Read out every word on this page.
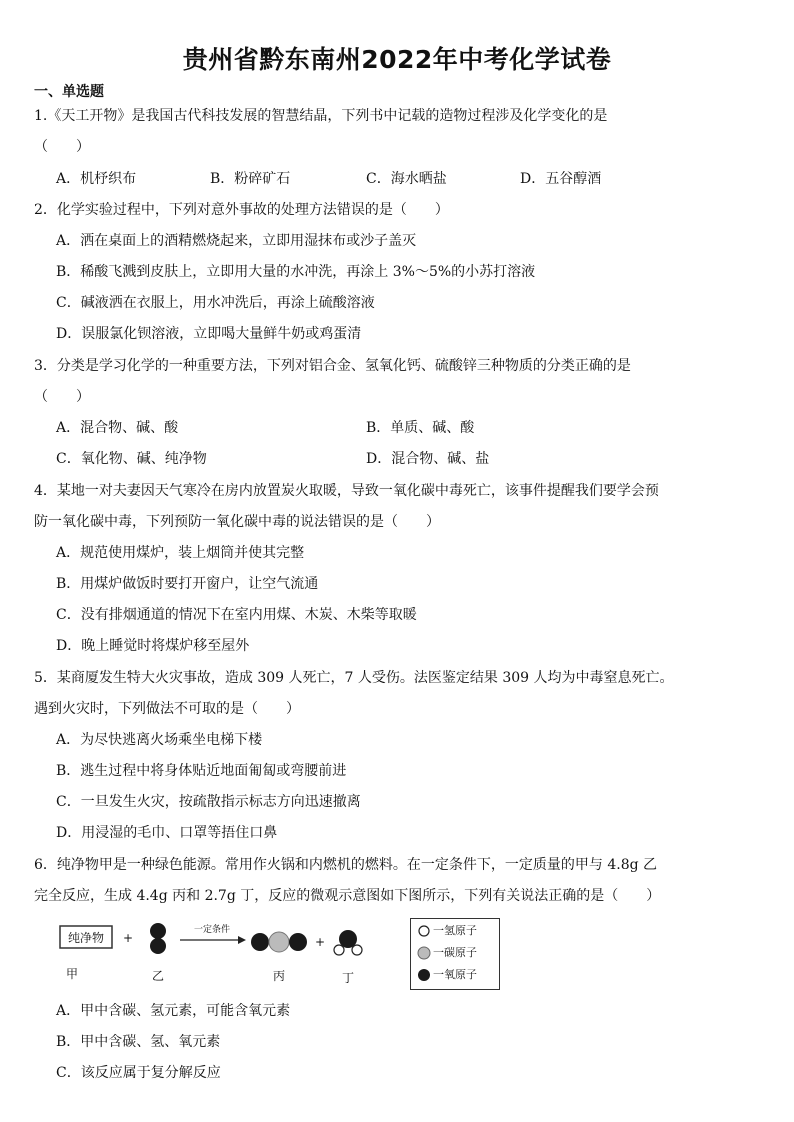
贵州省黔东南州2022年中考化学试卷
一、单选题
1.《天工开物》是我国古代科技发展的智慧结晶，下列书中记载的造物过程涉及化学变化的是
（　　）
A．机杼织布	B．粉碎矿石	C．海水晒盐	D．五谷醇酒
2．化学实验过程中，下列对意外事故的处理方法错误的是（　　）
A．洒在桌面上的酒精燃烧起来，立即用湿抹布或沙子盖灭
B．稀酸飞溅到皮肤上，立即用大量的水冲洗，再涂上 3%～5%的小苏打溶液
C．碱液洒在衣服上，用水冲洗后，再涂上硫酸溶液
D．误服氯化钡溶液，立即喝大量鲜牛奶或鸡蛋清
3．分类是学习化学的一种重要方法，下列对铝合金、氢氧化钙、硫酸锌三种物质的分类正确的是
（　　）
A．混合物、碱、酸	B．单质、碱、酸
C．氧化物、碱、纯净物	D．混合物、碱、盐
4．某地一对夫妻因天气寒冷在房内放置炭火取暖，导致一氧化碳中毒死亡，该事件提醒我们要学会预
防一氧化碳中毒，下列预防一氧化碳中毒的说法错误的是（　　）
A．规范使用煤炉，装上烟筒并使其完整
B．用煤炉做饭时要打开窗户，让空气流通
C．没有排烟通道的情况下在室内用煤、木炭、木柴等取暖
D．晚上睡觉时将煤炉移至屋外
5．某商厦发生特大火灾事故，造成 309 人死亡，7 人受伤。法医鉴定结果 309 人均为中毒窒息死亡。
遇到火灾时，下列做法不可取的是（　　）
A．为尽快逃离火场乘坐电梯下楼
B．逃生过程中将身体贴近地面匍匐或弯腰前进
C．一旦发生火灾，按疏散指示标志方向迅速撤离
D．用浸湿的毛巾、口罩等捂住口鼻
6．纯净物甲是一种绿色能源。常用作火锅和内燃机的燃料。在一定条件下，一定质量的甲与 4.8g 乙
完全反应，生成 4.4g 丙和 2.7g 丁，反应的微观示意图如下图所示，下列有关说法正确的是（　　）
纯净物 +
一定条件
+
甲	乙	丙	丁
一氢原子
一碳原子
一氧原子
A．甲中含碳、氢元素，可能含氧元素
B．甲中含碳、氢、氧元素
C．该反应属于复分解反应
